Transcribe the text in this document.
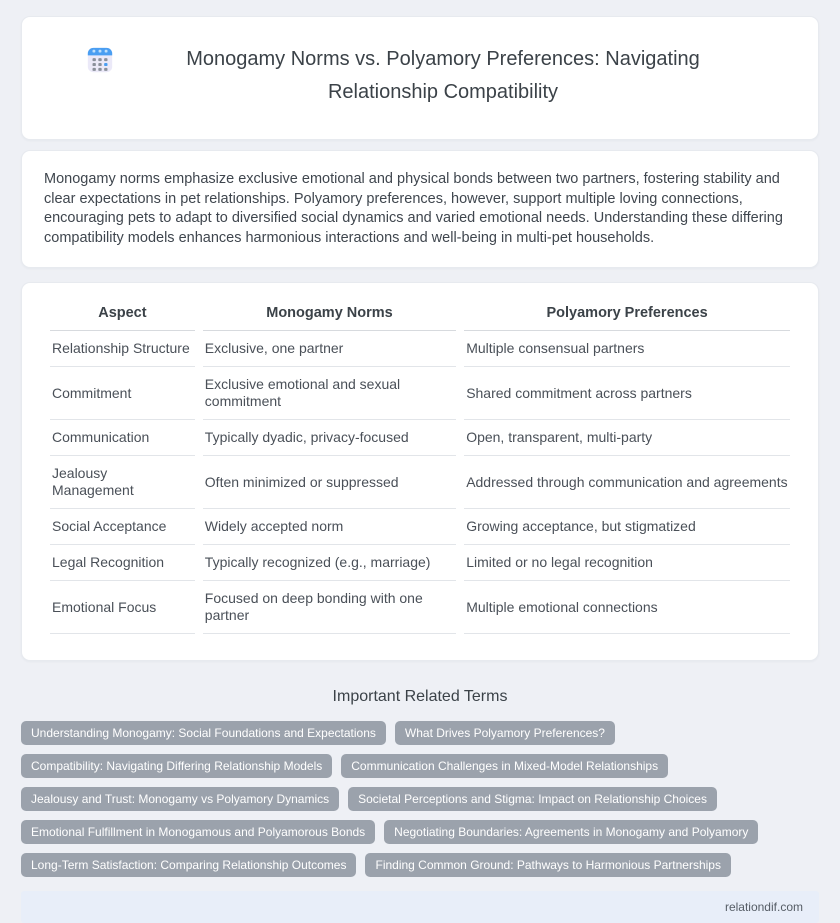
Monogamy Norms vs. Polyamory Preferences: Navigating Relationship Compatibility

Monogamy norms emphasize exclusive emotional and physical bonds between two partners, fostering stability and clear expectations in pet relationships. Polyamory preferences, however, support multiple loving connections, encouraging pets to adapt to diversified social dynamics and varied emotional needs. Understanding these differing compatibility models enhances harmonious interactions and well-being in multi-pet households.

Aspect	Monogamy Norms	Polyamory Preferences
Relationship Structure	Exclusive, one partner	Multiple consensual partners
Commitment	Exclusive emotional and sexual commitment	Shared commitment across partners
Communication	Typically dyadic, privacy-focused	Open, transparent, multi-party
Jealousy Management	Often minimized or suppressed	Addressed through communication and agreements
Social Acceptance	Widely accepted norm	Growing acceptance, but stigmatized
Legal Recognition	Typically recognized (e.g., marriage)	Limited or no legal recognition
Emotional Focus	Focused on deep bonding with one partner	Multiple emotional connections
Important Related Terms
Understanding Monogamy: Social Foundations and Expectations	What Drives Polyamory Preferences?
Compatibility: Navigating Differing Relationship Models	Communication Challenges in Mixed-Model Relationships
Jealousy and Trust: Monogamy vs Polyamory Dynamics	Societal Perceptions and Stigma: Impact on Relationship Choices
Emotional Fulfillment in Monogamous and Polyamorous Bonds	Negotiating Boundaries: Agreements in Monogamy and Polyamory
Long-Term Satisfaction: Comparing Relationship Outcomes	Finding Common Ground: Pathways to Harmonious Partnerships
relationdif.com
